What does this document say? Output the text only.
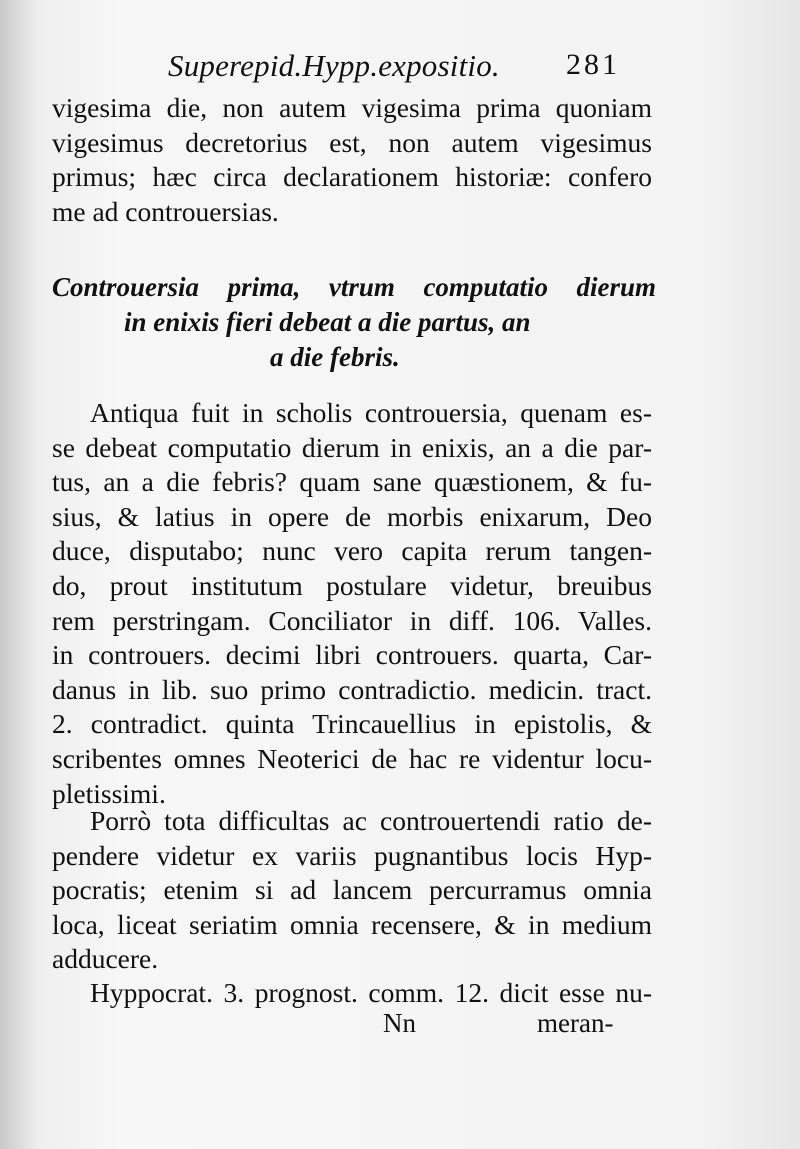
Superepid.Hypp.expositio. 281
vigesima die, non autem vigesima prima quoniam
vigesimus decretorius est, non autem vigesimus
primus; hæc circa declarationem historiæ: confero
me ad controuersias.
Controuersia prima, vtrum computatio dierum
in enixis fieri debeat a die partus, an
a die febris.
Antiqua fuit in scholis controuersia, quenam es-
se debeat computatio dierum in enixis, an a die par-
tus, an a die febris? quam sane quæstionem, & fu-
sius, & latius in opere de morbis enixarum, Deo
duce, disputabo; nunc vero capita rerum tangen-
do, prout institutum postulare videtur, breuibus
rem perstringam. Conciliator in diff. 106. Valles.
in controuers. decimi libri controuers. quarta, Car-
danus in lib. suo primo contradictio. medicin. tract.
2. contradict. quinta Trincauellius in epistolis, &
scribentes omnes Neoterici de hac re videntur locu-
pletissimi.
Porrò tota difficultas ac controuertendi ratio de-
pendere videtur ex variis pugnantibus locis Hyp-
pocratis; etenim si ad lancem percurramus omnia
loca, liceat seriatim omnia recensere, & in medium
adducere.
Hyppocrat. 3. prognost. comm. 12. dicit esse nu-
Nn	meran-
